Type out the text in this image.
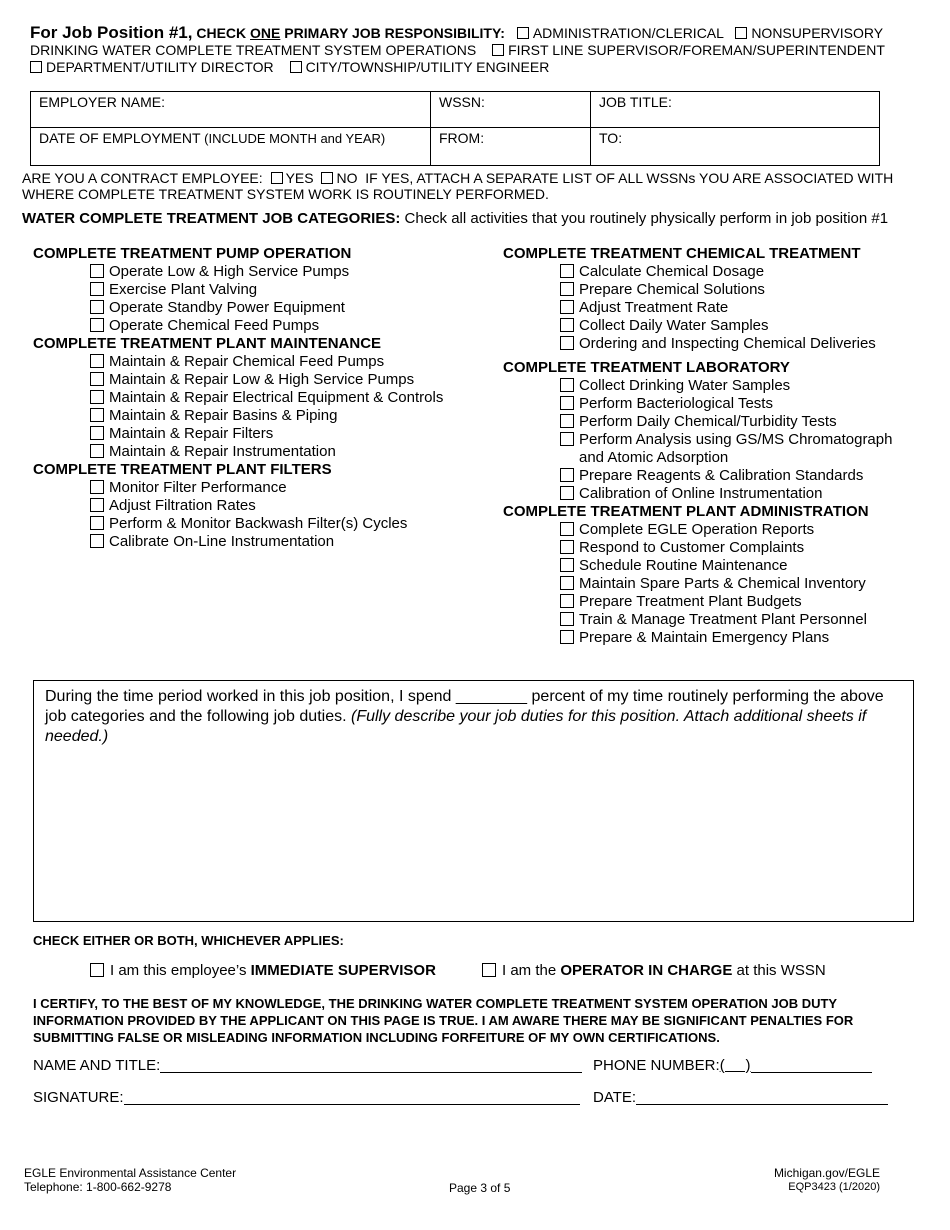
For Job Position #1, CHECK ONE PRIMARY JOB RESPONSIBILITY: ADMINISTRATION/CLERICAL NONSUPERVISORY DRINKING WATER COMPLETE TREATMENT SYSTEM OPERATIONS FIRST LINE SUPERVISOR/FOREMAN/SUPERINTENDENT
DEPARTMENT/UTILITY DIRECTOR CITY/TOWNSHIP/UTILITY ENGINEER
EMPLOYER NAME:	WSSN:	JOB TITLE:
DATE OF EMPLOYMENT (INCLUDE MONTH and YEAR)	FROM:	TO:
ARE YOU A CONTRACT EMPLOYEE: YES NO IF YES, ATTACH A SEPARATE LIST OF ALL WSSNs YOU ARE ASSOCIATED WITH WHERE COMPLETE TREATMENT SYSTEM WORK IS ROUTINELY PERFORMED.
WATER COMPLETE TREATMENT JOB CATEGORIES: Check all activities that you routinely physically perform in job position #1
COMPLETE TREATMENT PUMP OPERATION
Operate Low & High Service Pumps
Exercise Plant Valving
Operate Standby Power Equipment
Operate Chemical Feed Pumps
COMPLETE TREATMENT PLANT MAINTENANCE
Maintain & Repair Chemical Feed Pumps
Maintain & Repair Low & High Service Pumps
Maintain & Repair Electrical Equipment & Controls
Maintain & Repair Basins & Piping
Maintain & Repair Filters
Maintain & Repair Instrumentation
COMPLETE TREATMENT PLANT FILTERS
Monitor Filter Performance
Adjust Filtration Rates
Perform & Monitor Backwash Filter(s) Cycles
Calibrate On-Line Instrumentation
COMPLETE TREATMENT CHEMICAL TREATMENT
Calculate Chemical Dosage
Prepare Chemical Solutions
Adjust Treatment Rate
Collect Daily Water Samples
Ordering and Inspecting Chemical Deliveries
COMPLETE TREATMENT LABORATORY
Collect Drinking Water Samples
Perform Bacteriological Tests
Perform Daily Chemical/Turbidity Tests
Perform Analysis using GS/MS Chromatograph
and Atomic Adsorption
Prepare Reagents & Calibration Standards
Calibration of Online Instrumentation
COMPLETE TREATMENT PLANT ADMINISTRATION
Complete EGLE Operation Reports
Respond to Customer Complaints
Schedule Routine Maintenance
Maintain Spare Parts & Chemical Inventory
Prepare Treatment Plant Budgets
Train & Manage Treatment Plant Personnel
Prepare & Maintain Emergency Plans
During the time period worked in this job position, I spend ________ percent of my time routinely performing the above job categories and the following job duties. (Fully describe your job duties for this position. Attach additional sheets if needed.)
CHECK EITHER OR BOTH, WHICHEVER APPLIES:
I am this employee’s IMMEDIATE SUPERVISOR	I am the OPERATOR IN CHARGE at this WSSN
I CERTIFY, TO THE BEST OF MY KNOWLEDGE, THE DRINKING WATER COMPLETE TREATMENT SYSTEM OPERATION JOB DUTY INFORMATION PROVIDED BY THE APPLICANT ON THIS PAGE IS TRUE. I AM AWARE THERE MAY BE SIGNIFICANT PENALTIES FOR SUBMITTING FALSE OR MISLEADING INFORMATION INCLUDING FORFEITURE OF MY OWN CERTIFICATIONS.
NAME AND TITLE:	PHONE NUMBER:(     )
SIGNATURE:	DATE:
EGLE Environmental Assistance Center
Telephone: 1-800-662-9278	Page 3 of 5
Michigan.gov/EGLE
EQP3423 (1/2020)
